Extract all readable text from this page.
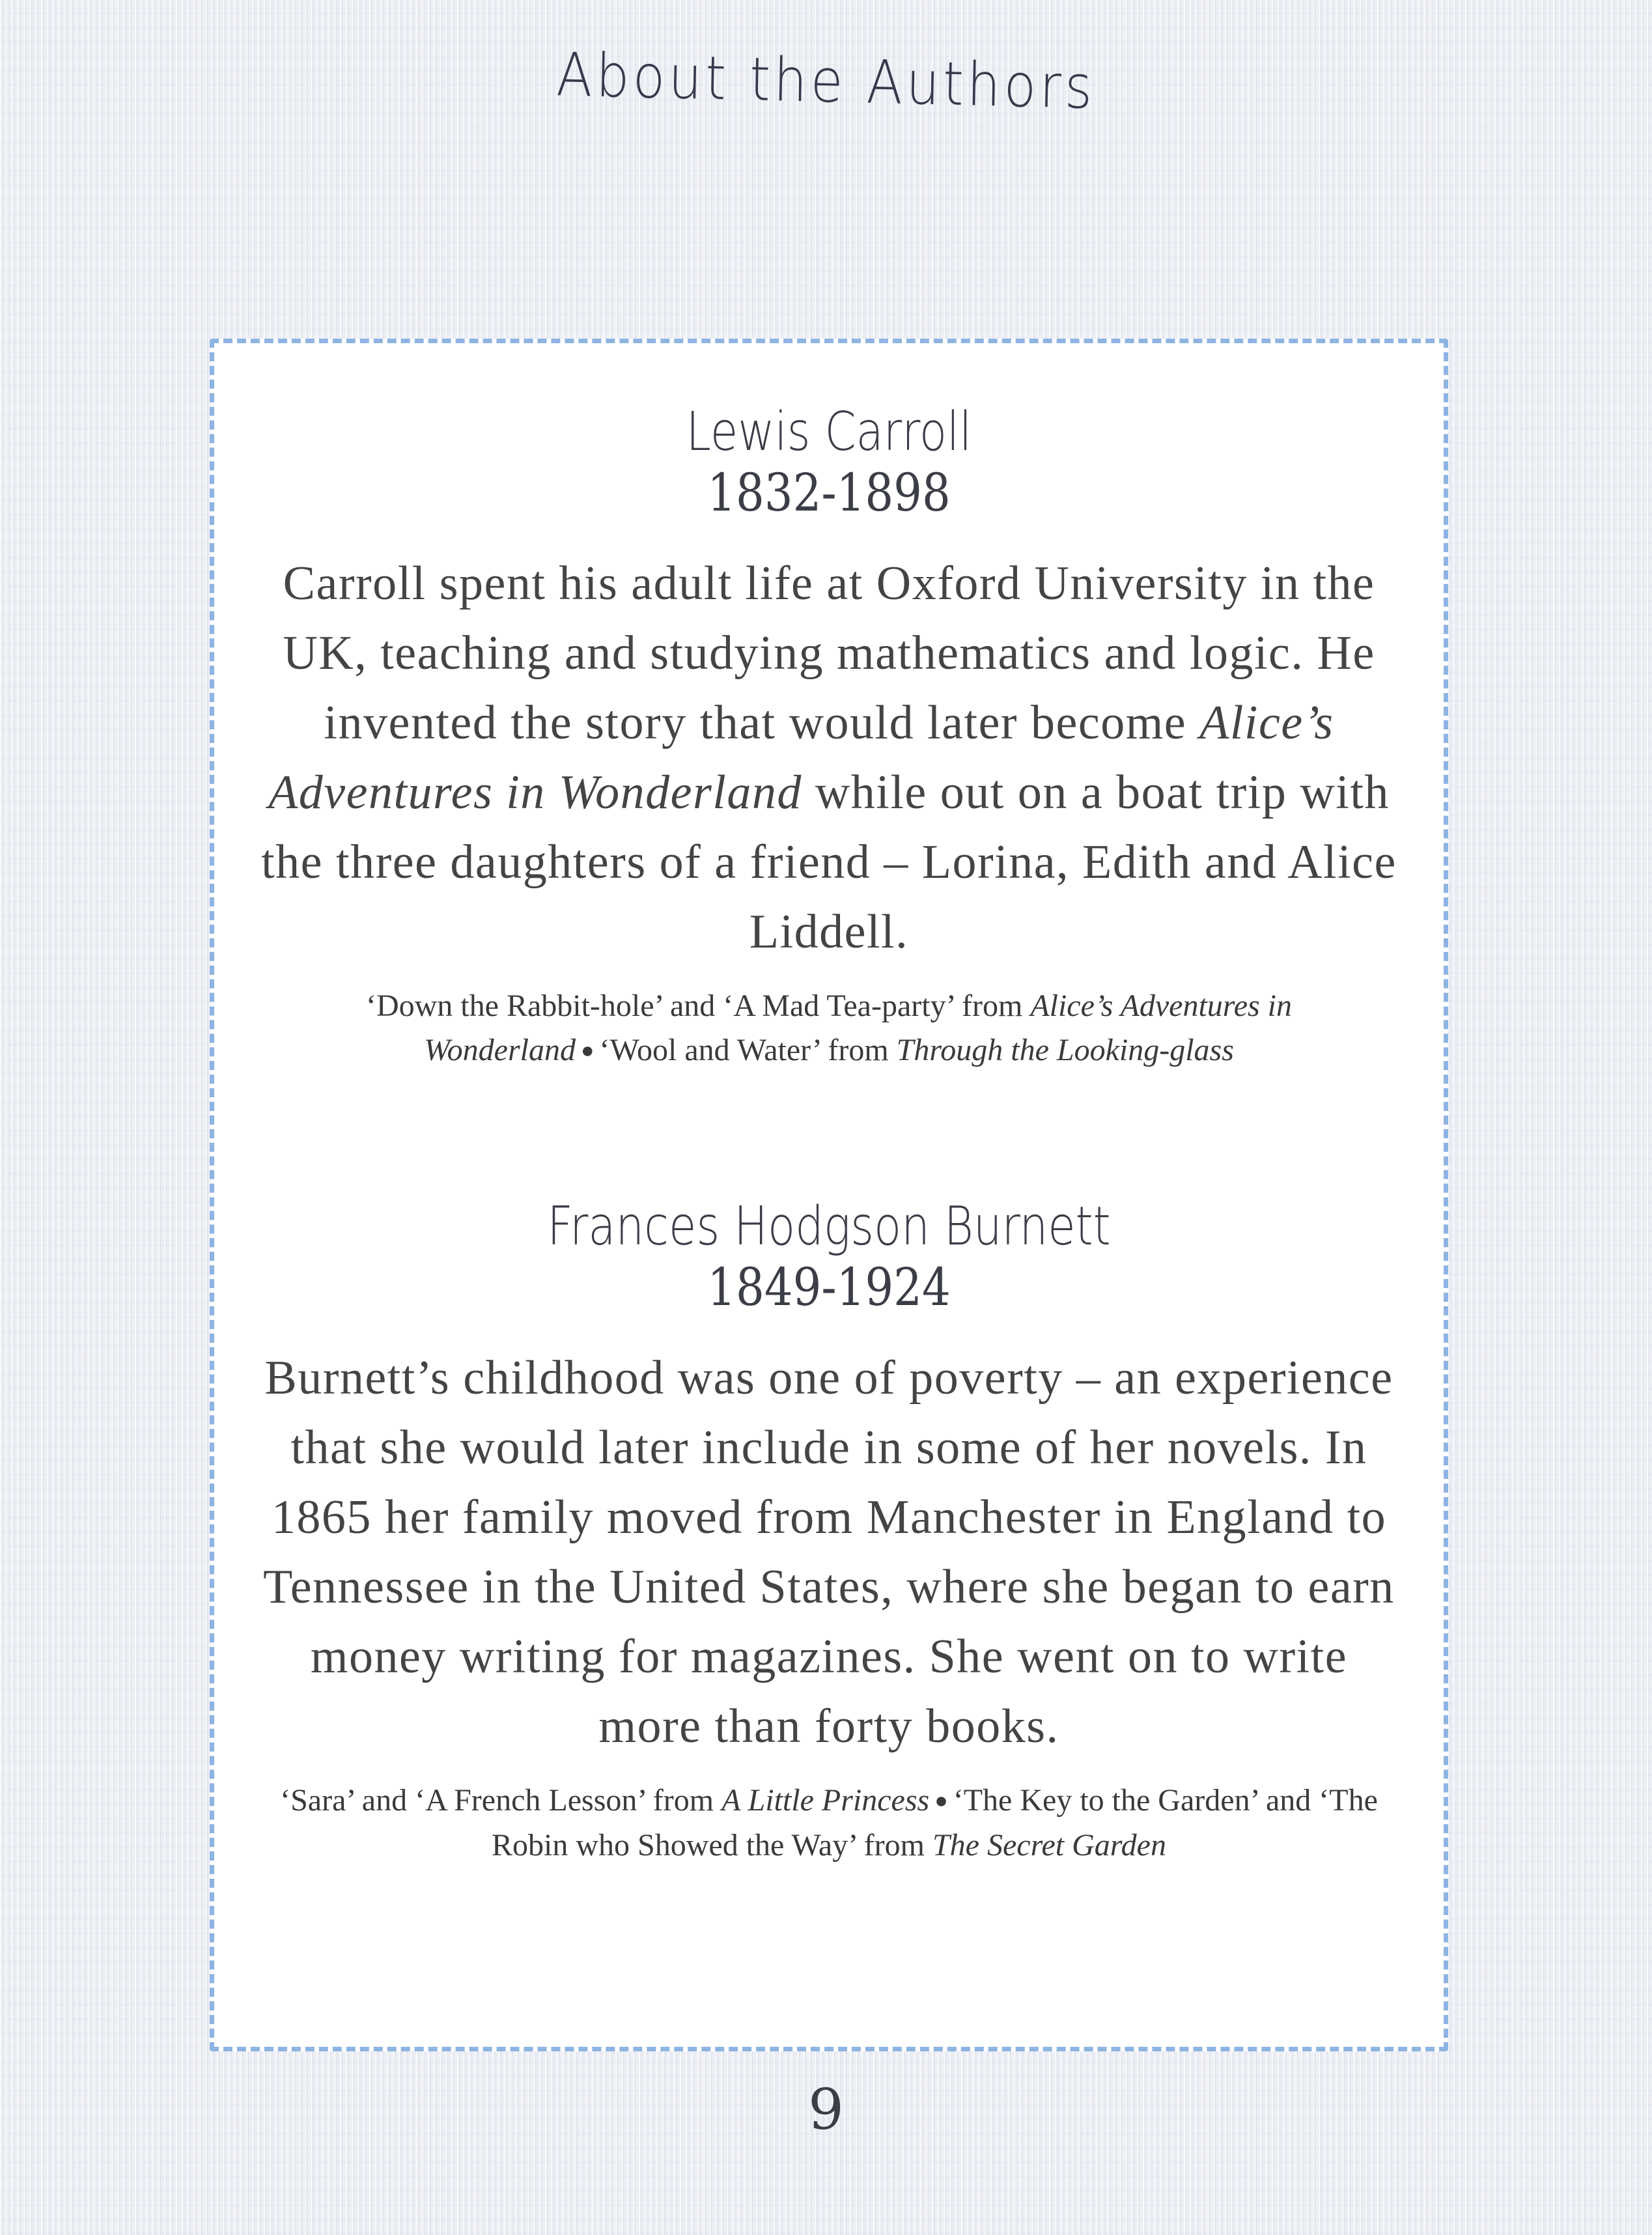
About the Authors
Lewis Carroll
1832-1898

Carroll spent his adult life at Oxford University in the UK, teaching and studying mathematics and logic. He invented the story that would later become Alice’s Adventures in Wonderland while out on a boat trip with the three daughters of a friend – Lorina, Edith and Alice Liddell.

‘Down the Rabbit-hole’ and ‘A Mad Tea-party’ from Alice’s Adventures in Wonderland ● ‘Wool and Water’ from Through the Looking-glass

Frances Hodgson Burnett
1849-1924

Burnett’s childhood was one of poverty – an experience that she would later include in some of her novels. In 1865 her family moved from Manchester in England to Tennessee in the United States, where she began to earn money writing for magazines. She went on to write more than forty books.

‘Sara’ and ‘A French Lesson’ from A Little Princess ● ‘The Key to the Garden’ and ‘The Robin who Showed the Way’ from The Secret Garden

9
